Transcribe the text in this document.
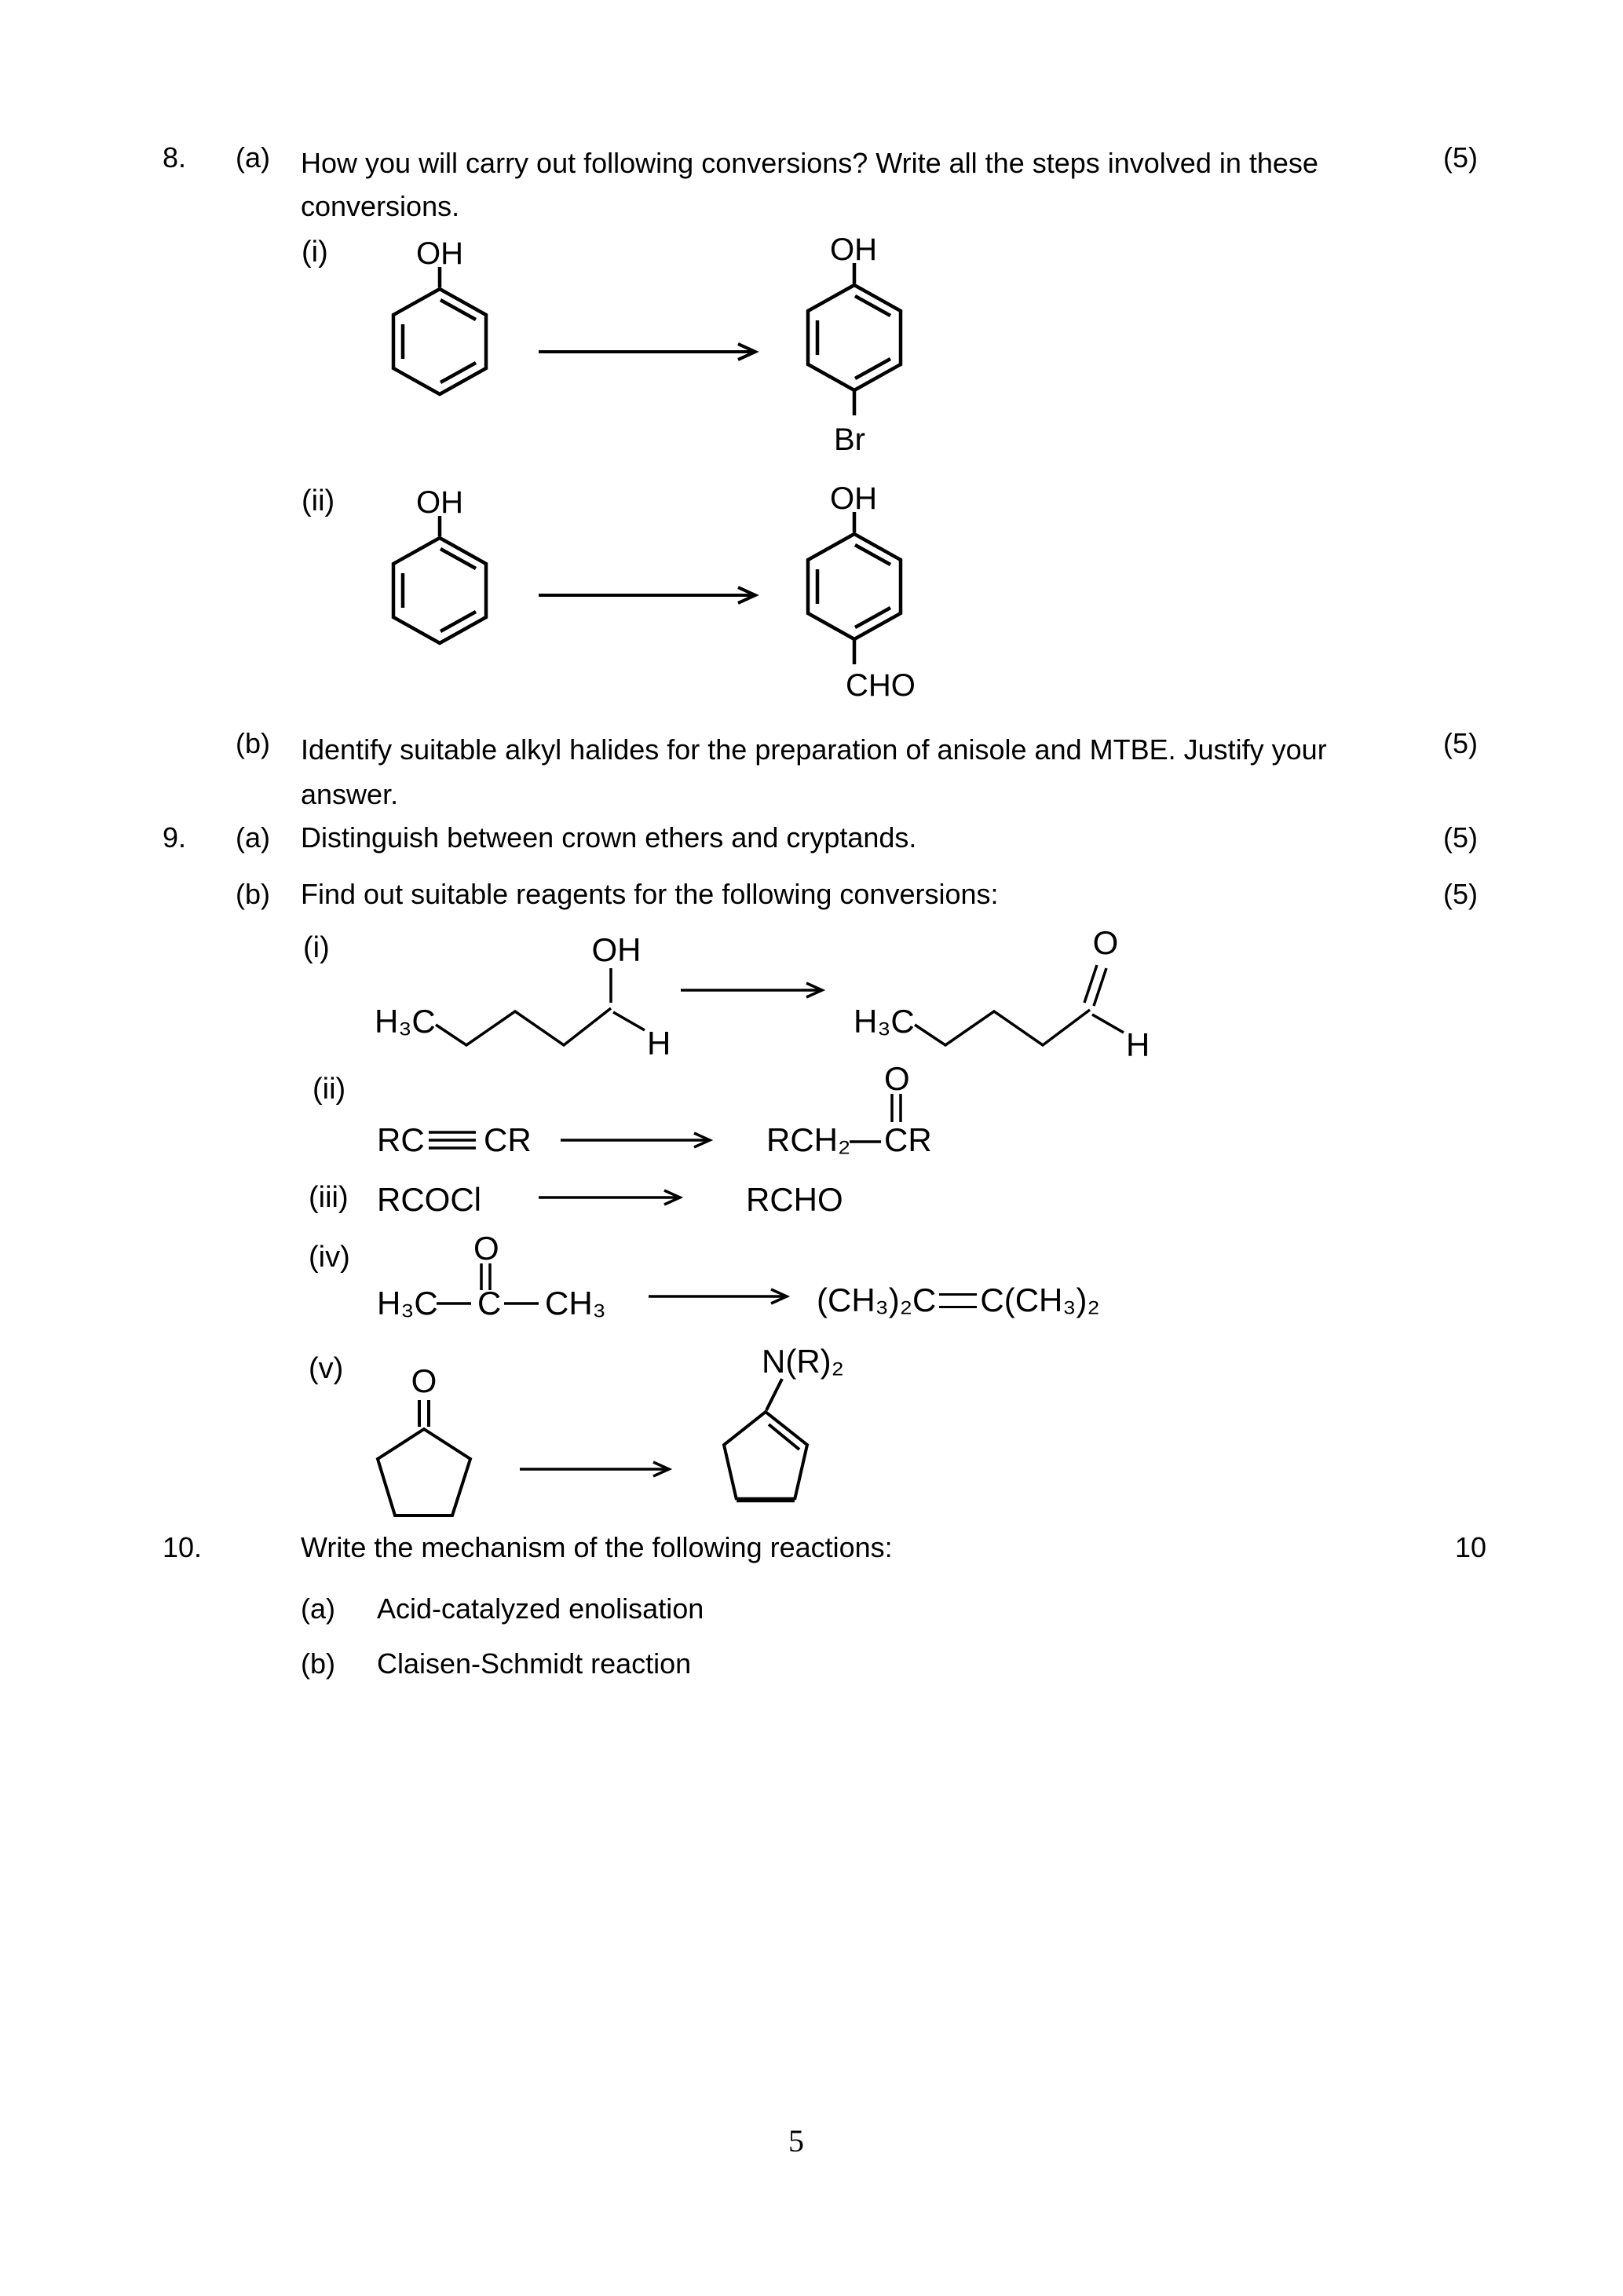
8. (a) How you will carry out following conversions? Write all the steps involved in these
conversions.
(5)
(i)	OH	OH
Br
(ii)	OH	OH
CHO
(b) Identify suitable alkyl halides for the preparation of anisole and MTBE. Justify your
answer.
(5)
9. (a) Distinguish between crown ethers and cryptands.	(5)
(b) Find out suitable reagents for the following conversions:	(5)
(i)
H₃C
OH
H
H₃C
O
H
(ii)
RC CR
O
RCH₂ CR
(iii) RCOCl	RCHO
(iv)	O
H₃C C CH₃	(CH₃)₂C C(CH₃)₂
(v) O
N(R)₂
10.	Write the mechanism of the following reactions:	10
(a) Acid-catalyzed enolisation
(b) Claisen-Schmidt reaction
5
